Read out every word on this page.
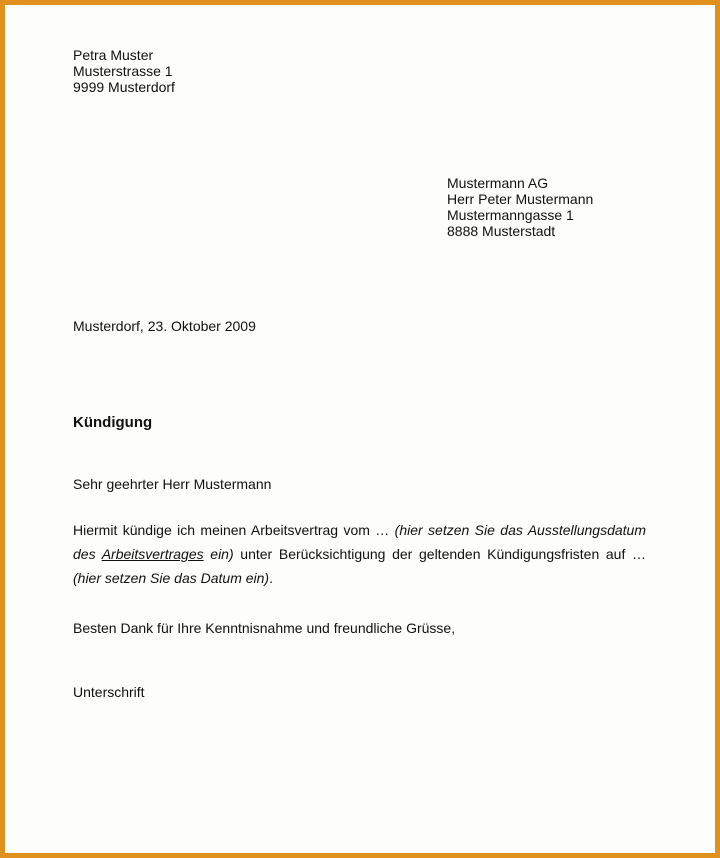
Petra Muster
Musterstrasse 1
9999 Musterdorf
Mustermann AG
Herr Peter Mustermann
Mustermanngasse 1
8888 Musterstadt
Musterdorf, 23. Oktober 2009
Kündigung
Sehr geehrter Herr Mustermann
Hiermit kündige ich meinen Arbeitsvertrag vom … (hier setzen Sie das Ausstellungsdatum des Arbeitsvertrages ein) unter Berücksichtigung der geltenden Kündigungsfristen auf … (hier setzen Sie das Datum ein).
Besten Dank für Ihre Kenntnisnahme und freundliche Grüsse,
Unterschrift
